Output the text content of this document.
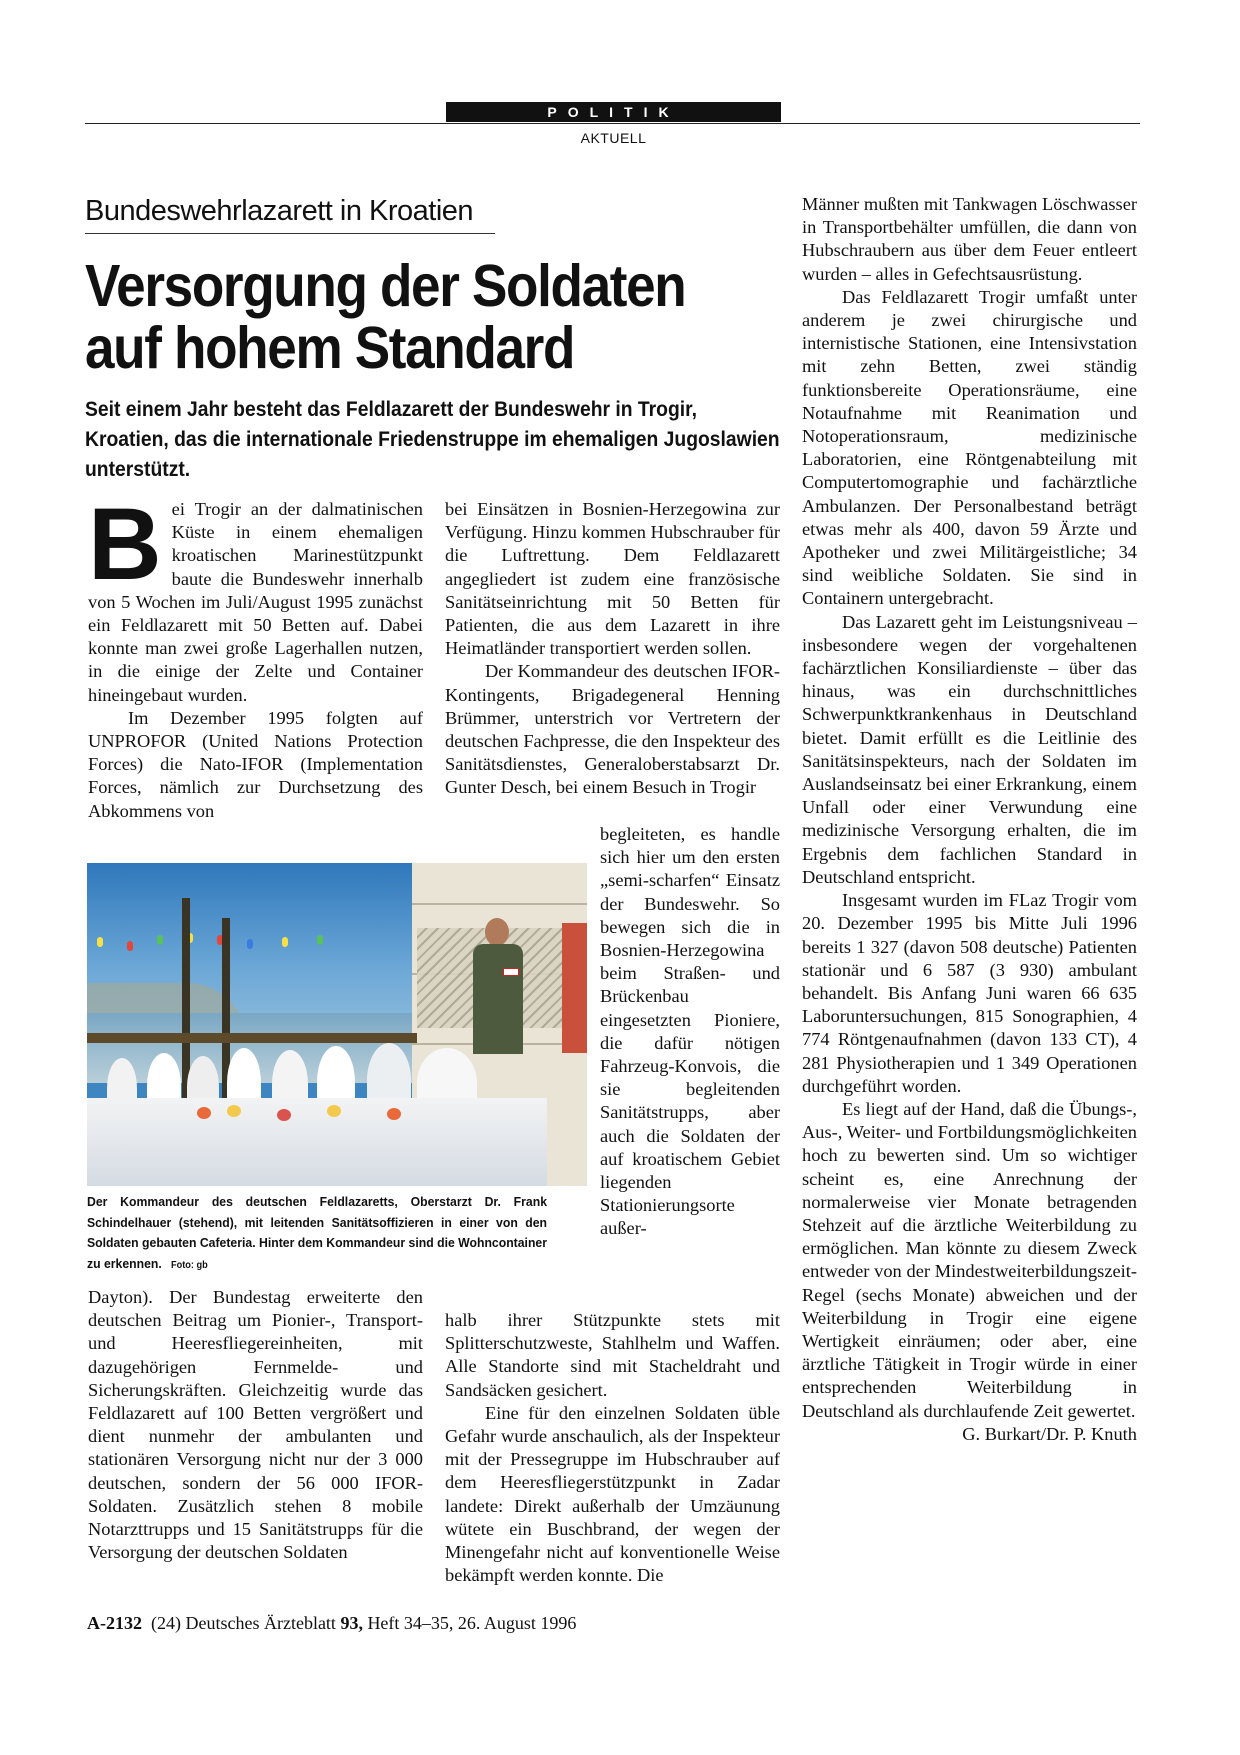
POLITIK
AKTUELL
Bundeswehrlazarett in Kroatien
Versorgung der Soldaten
auf hohem Standard

Seit einem Jahr besteht das Feldlazarett der Bundeswehr in Trogir, Kroatien, das die internationale Friedenstruppe im ehemaligen Jugoslawien unterstützt.

B ei Trogir an der dalmatinischen Küste in einem ehemaligen kroatischen Marinestützpunkt baute die Bundeswehr innerhalb von 5 Wochen im Juli/August 1995 zunächst ein Feldlazarett mit 50 Betten auf. Dabei konnte man zwei große Lagerhallen nutzen, in die einige der Zelte und Container hineingebaut wurden.

Im Dezember 1995 folgten auf UNPROFOR (United Nations Protection Forces) die Nato-IFOR (Implementation Forces, nämlich zur Durchsetzung des Abkommens von

Dayton). Der Bundestag erweiterte den deutschen Beitrag um Pionier-, Transport- und Heeresfliegereinheiten, mit dazugehörigen Fernmelde- und Sicherungskräften. Gleichzeitig wurde das Feldlazarett auf 100 Betten vergrößert und dient nunmehr der ambulanten und stationären Versorgung nicht nur der 3 000 deutschen, sondern der 56 000 IFOR-Soldaten. Zusätzlich stehen 8 mobile Notarzttrupps und 15 Sanitätstrupps für die Versorgung der deutschen Soldaten

bei Einsätzen in Bosnien-Herzegowina zur Verfügung. Hinzu kommen Hubschrauber für die Luftrettung. Dem Feldlazarett angegliedert ist zudem eine französische Sanitätseinrichtung mit 50 Betten für Patienten, die aus dem Lazarett in ihre Heimatländer transportiert werden sollen.

Der Kommandeur des deutschen IFOR-Kontingents, Brigadegeneral Henning Brümmer, unterstrich vor Vertretern der deutschen Fachpresse, die den Inspekteur des Sanitätsdienstes, Generaloberstabsarzt Dr. Gunter Desch, bei einem Besuch in Trogir

begleiteten, es handle sich hier um den ersten „semi-scharfen“ Einsatz der Bundeswehr. So bewegen sich die in Bosnien-Herzegowina beim Straßen- und Brückenbau eingesetzten Pioniere, die dafür nötigen Fahrzeug-Konvois, die sie begleitenden Sanitätstrupps, aber auch die Soldaten der auf kroatischem Gebiet liegenden Stationierungsorte außer-

halb ihrer Stützpunkte stets mit Splitterschutzweste, Stahlhelm und Waffen. Alle Standorte sind mit Stacheldraht und Sandsäcken gesichert.

Eine für den einzelnen Soldaten üble Gefahr wurde anschaulich, als der Inspekteur mit der Pressegruppe im Hubschrauber auf dem Heeresfliegerstützpunkt in Zadar landete: Direkt außerhalb der Umzäunung wütete ein Buschbrand, der wegen der Minengefahr nicht auf konventionelle Weise bekämpft werden konnte. Die

Männer mußten mit Tankwagen Löschwasser in Transportbehälter umfüllen, die dann von Hubschraubern aus über dem Feuer entleert wurden – alles in Gefechtsausrüstung.

Das Feldlazarett Trogir umfaßt unter anderem je zwei chirurgische und internistische Stationen, eine Intensivstation mit zehn Betten, zwei ständig funktionsbereite Operationsräume, eine Notaufnahme mit Reanimation und Notoperationsraum, medizinische Laboratorien, eine Röntgenabteilung mit Computertomographie und fachärztliche Ambulanzen. Der Personalbestand beträgt etwas mehr als 400, davon 59 Ärzte und Apotheker und zwei Militärgeistliche; 34 sind weibliche Soldaten. Sie sind in Containern untergebracht.

Das Lazarett geht im Leistungsniveau – insbesondere wegen der vorgehaltenen fachärztlichen Konsiliardienste – über das hinaus, was ein durchschnittliches Schwerpunktkrankenhaus in Deutschland bietet. Damit erfüllt es die Leitlinie des Sanitätsinspekteurs, nach der Soldaten im Auslandseinsatz bei einer Erkrankung, einem Unfall oder einer Verwundung eine medizinische Versorgung erhalten, die im Ergebnis dem fachlichen Standard in Deutschland entspricht.

Insgesamt wurden im FLaz Trogir vom 20. Dezember 1995 bis Mitte Juli 1996 bereits 1 327 (davon 508 deutsche) Patienten stationär und 6 587 (3 930) ambulant behandelt. Bis Anfang Juni waren 66 635 Laboruntersuchungen, 815 Sonographien, 4 774 Röntgenaufnahmen (davon 133 CT), 4 281 Physiotherapien und 1 349 Operationen durchgeführt worden.

Es liegt auf der Hand, daß die Übungs-, Aus-, Weiter- und Fortbildungsmöglichkeiten hoch zu bewerten sind. Um so wichtiger scheint es, eine Anrechnung der normalerweise vier Monate betragenden Stehzeit auf die ärztliche Weiterbildung zu ermöglichen. Man könnte zu diesem Zweck entweder von der Mindestweiterbildungszeit-Regel (sechs Monate) abweichen und der Weiterbildung in Trogir eine eigene Wertigkeit einräumen; oder aber, eine ärztliche Tätigkeit in Trogir würde in einer entsprechenden Weiterbildung in Deutschland als durchlaufende Zeit gewertet.
G. Burkart/Dr. P. Knuth

Der Kommandeur des deutschen Feldlazaretts, Oberstarzt Dr. Frank Schindelhauer (stehend), mit leitenden Sanitätsoffizieren in einer von den Soldaten gebauten Cafeteria. Hinter dem Kommandeur sind die Wohncontainer zu erkennen. Foto: gb

A-2132 (24) Deutsches Ärzteblatt 93, Heft 34–35, 26. August 1996
